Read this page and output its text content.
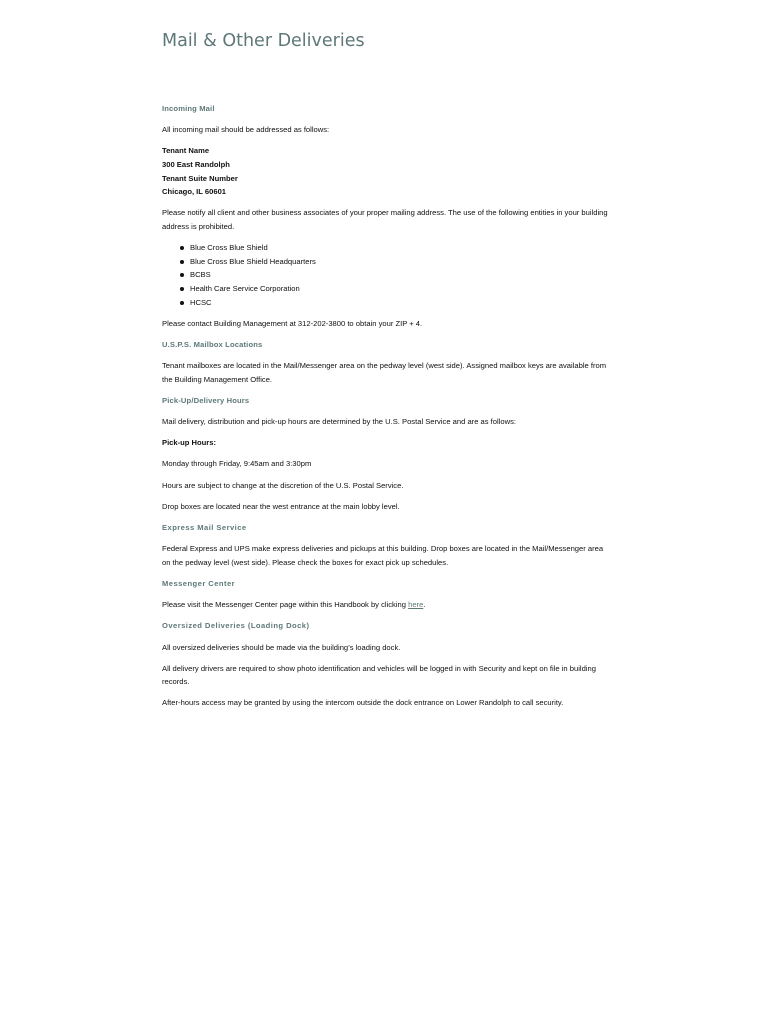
Mail & Other Deliveries
Incoming Mail

All incoming mail should be addressed as follows:

Tenant Name
300 East Randolph
Tenant Suite Number
Chicago, IL 60601

Please notify all client and other business associates of your proper mailing address. The use of the following entities in your building address is prohibited.

Blue Cross Blue Shield
Blue Cross Blue Shield Headquarters
BCBS
Health Care Service Corporation
HCSC

Please contact Building Management at 312-202-3800 to obtain your ZIP + 4.

U.S.P.S. Mailbox Locations

Tenant mailboxes are located in the Mail/Messenger area on the pedway level (west side). Assigned mailbox keys are available from the Building Management Office.

Pick-Up/Delivery Hours

Mail delivery, distribution and pick-up hours are determined by the U.S. Postal Service and are as follows:

Pick-up Hours:

Monday through Friday, 9:45am and 3:30pm

Hours are subject to change at the discretion of the U.S. Postal Service.

Drop boxes are located near the west entrance at the main lobby level.

Express Mail Service

Federal Express and UPS make express deliveries and pickups at this building. Drop boxes are located in the Mail/Messenger area on the pedway level (west side). Please check the boxes for exact pick up schedules.

Messenger Center

Please visit the Messenger Center page within this Handbook by clicking here.

Oversized Deliveries (Loading Dock)

All oversized deliveries should be made via the building’s loading dock.

All delivery drivers are required to show photo identification and vehicles will be logged in with Security and kept on file in building records.

After-hours access may be granted by using the intercom outside the dock entrance on Lower Randolph to call security.
